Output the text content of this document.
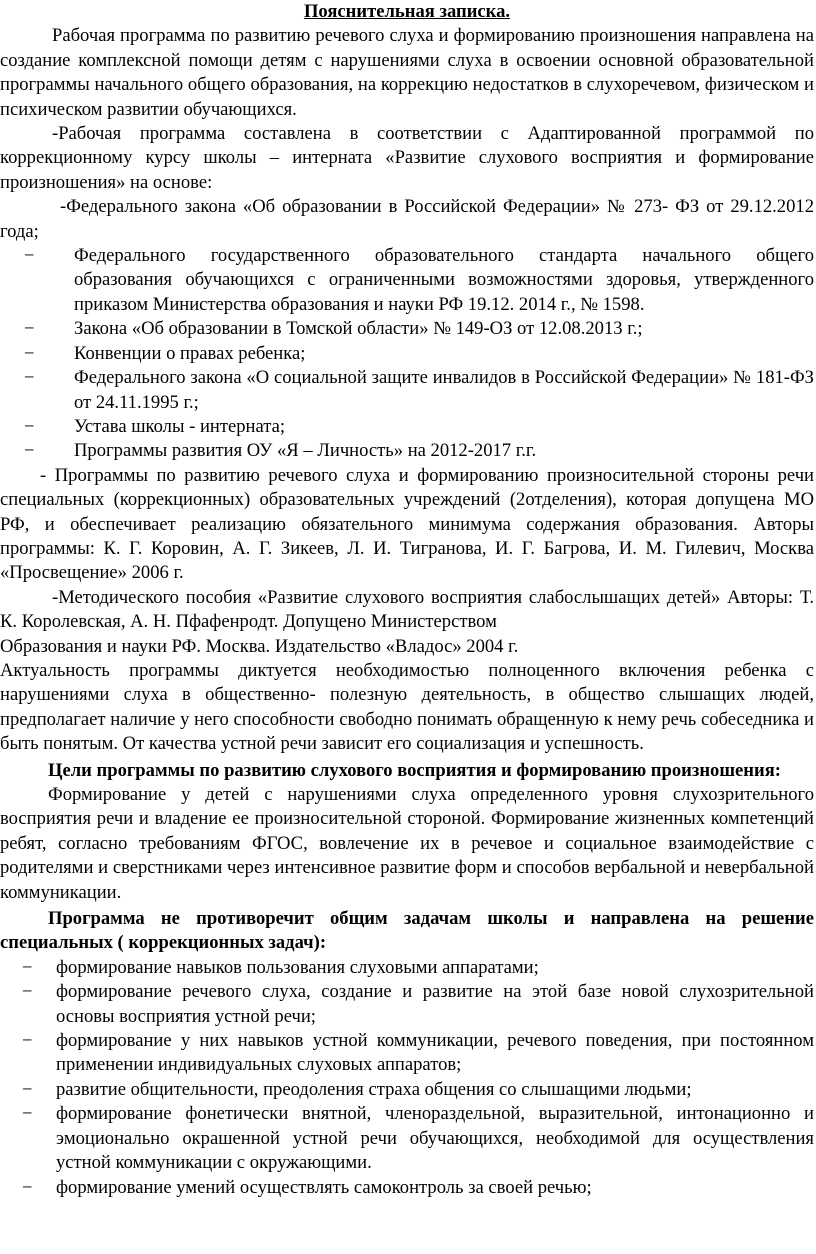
Пояснительная записка.

Рабочая программа по развитию речевого слуха и формированию произношения направлена на создание комплексной помощи детям с нарушениями слуха в освоении основной образовательной программы начального общего образования, на коррекцию недостатков в слухоречевом, физическом и психическом развитии обучающихся.

-Рабочая программа составлена в соответствии с Адаптированной программой по коррекционному курсу школы – интерната «Развитие слухового восприятия и формирование произношения» на основе:

-Федерального закона «Об образовании в Российской Федерации» № 273- ФЗ от 29.12.2012 года;

− Федерального государственного образовательного стандарта начального общего образования обучающихся с ограниченными возможностями здоровья, утвержденного приказом Министерства образования и науки РФ 19.12. 2014 г., № 1598.
− Закона «Об образовании в Томской области» № 149-ОЗ от 12.08.2013 г.;
− Конвенции о правах ребенка;
− Федерального закона «О социальной защите инвалидов в Российской Федерации» № 181-ФЗ от 24.11.1995 г.;
− Устава школы - интерната;
− Программы развития ОУ «Я – Личность» на 2012-2017 г.г.

- Программы по развитию речевого слуха и формированию произносительной стороны речи специальных (коррекционных) образовательных учреждений (2отделения), которая допущена МО РФ, и обеспечивает реализацию обязательного минимума содержания образования. Авторы программы: К. Г. Коровин, А. Г. Зикеев, Л. И. Тигранова, И. Г. Багрова, И. М. Гилевич, Москва «Просвещение» 2006 г.

-Методического пособия «Развитие слухового восприятия слабослышащих детей» Авторы: Т. К. Королевская, А. Н. Пфафенродт. Допущено Министерством

Образования и науки РФ. Москва. Издательство «Владос» 2004 г.

Актуальность программы диктуется необходимостью полноценного включения ребенка с нарушениями слуха в общественно- полезную деятельность, в общество слышащих людей, предполагает наличие у него способности свободно понимать обращенную к нему речь собеседника и быть понятым. От качества устной речи зависит его социализация и успешность.

Цели программы по развитию слухового восприятия и формированию произношения:

Формирование у детей с нарушениями слуха определенного уровня слухозрительного восприятия речи и владение ее произносительной стороной. Формирование жизненных компетенций ребят, согласно требованиям ФГОС, вовлечение их в речевое и социальное взаимодействие с родителями и сверстниками через интенсивное развитие форм и способов вербальной и невербальной коммуникации.

Программа не противоречит общим задачам школы и направлена на решение специальных ( коррекционных задач):

− формирование навыков пользования слуховыми аппаратами;
− формирование речевого слуха, создание и развитие на этой базе новой слухозрительной основы восприятия устной речи;
− формирование у них навыков устной коммуникации, речевого поведения, при постоянном применении индивидуальных слуховых аппаратов;
− развитие общительности, преодоления страха общения со слышащими людьми;
− формирование фонетически внятной, членораздельной, выразительной, интонационно и эмоционально окрашенной устной речи обучающихся, необходимой для осуществления устной коммуникации с окружающими.
− формирование умений осуществлять самоконтроль за своей речью;
